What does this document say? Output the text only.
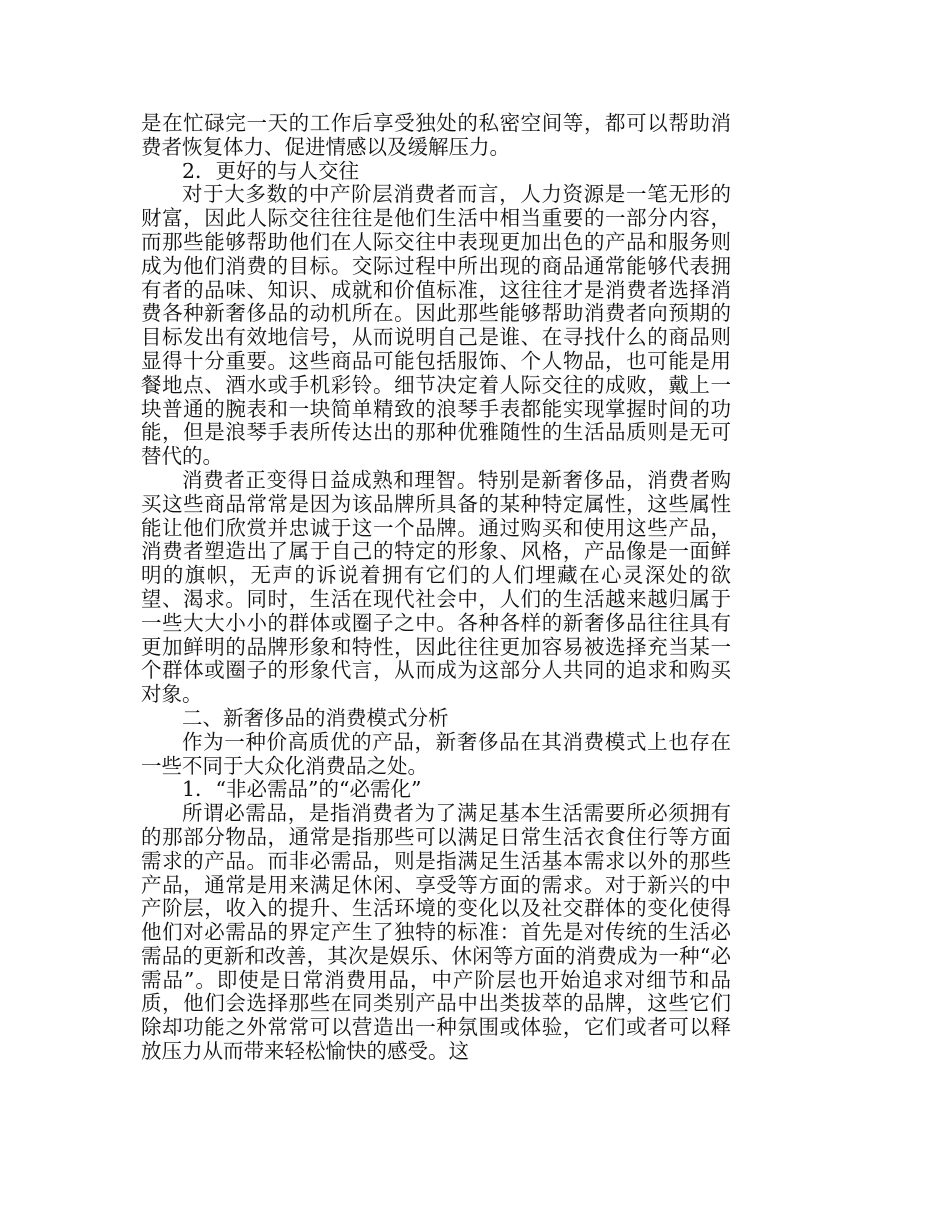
是在忙碌完一天的工作后享受独处的私密空间等，都可以帮助消费者恢复体力、促进情感以及缓解压力。

2．更好的与人交往

对于大多数的中产阶层消费者而言，人力资源是一笔无形的财富，因此人际交往往往是他们生活中相当重要的一部分内容，而那些能够帮助他们在人际交往中表现更加出色的产品和服务则成为他们消费的目标。交际过程中所出现的商品通常能够代表拥有者的品味、知识、成就和价值标准，这往往才是消费者选择消费各种新奢侈品的动机所在。因此那些能够帮助消费者向预期的目标发出有效地信号，从而说明自己是谁、在寻找什么的商品则显得十分重要。这些商品可能包括服饰、个人物品，也可能是用餐地点、酒水或手机彩铃。细节决定着人际交往的成败，戴上一块普通的腕表和一块简单精致的浪琴手表都能实现掌握时间的功能，但是浪琴手表所传达出的那种优雅随性的生活品质则是无可替代的。

消费者正变得日益成熟和理智。特别是新奢侈品，消费者购买这些商品常常是因为该品牌所具备的某种特定属性，这些属性能让他们欣赏并忠诚于这一个品牌。通过购买和使用这些产品，消费者塑造出了属于自己的特定的形象、风格，产品像是一面鲜明的旗帜，无声的诉说着拥有它们的人们埋藏在心灵深处的欲望、渴求。同时，生活在现代社会中，人们的生活越来越归属于一些大大小小的群体或圈子之中。各种各样的新奢侈品往往具有更加鲜明的品牌形象和特性，因此往往更加容易被选择充当某一个群体或圈子的形象代言，从而成为这部分人共同的追求和购买对象。

二、新奢侈品的消费模式分析

作为一种价高质优的产品，新奢侈品在其消费模式上也存在一些不同于大众化消费品之处。

1．“非必需品”的“必需化”

所谓必需品，是指消费者为了满足基本生活需要所必须拥有的那部分物品，通常是指那些可以满足日常生活衣食住行等方面需求的产品。而非必需品，则是指满足生活基本需求以外的那些产品，通常是用来满足休闲、享受等方面的需求。对于新兴的中产阶层，收入的提升、生活环境的变化以及社交群体的变化使得他们对必需品的界定产生了独特的标准：首先是对传统的生活必需品的更新和改善，其次是娱乐、休闲等方面的消费成为一种“必需品”。即使是日常消费用品，中产阶层也开始追求对细节和品质，他们会选择那些在同类别产品中出类拔萃的品牌，这些它们除却功能之外常常可以营造出一种氛围或体验，它们或者可以释放压力从而带来轻松愉快的感受。这
